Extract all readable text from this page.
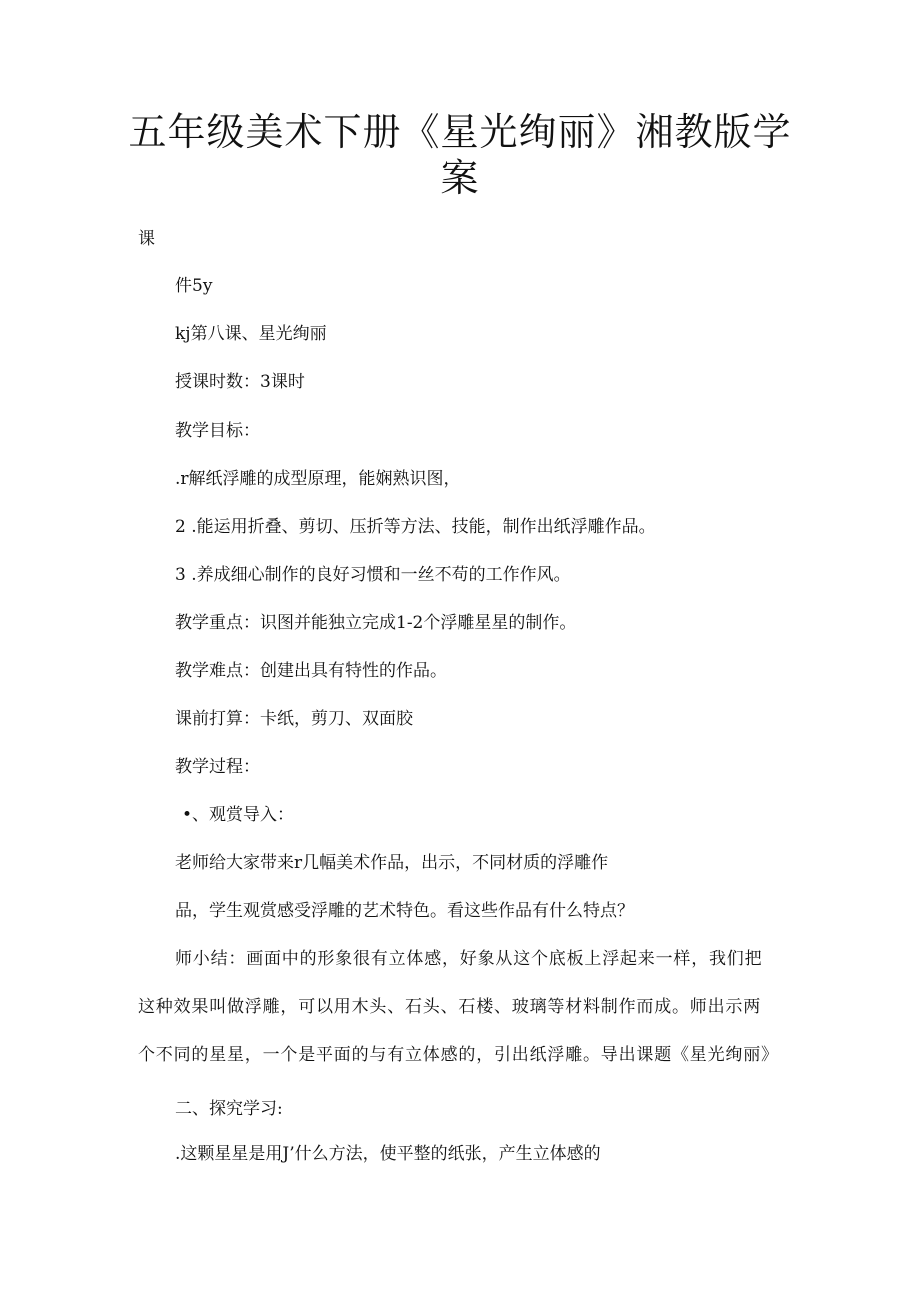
五年级美术下册《星光绚丽》湘教版学
案
课
件5y
kj第八课、星光绚丽
授课时数：3课时
教学目标：
.r解纸浮雕的成型原理，能娴熟识图，
2 .能运用折叠、剪切、压折等方法、技能，制作出纸浮雕作品。
3 .养成细心制作的良好习惯和一丝不苟的工作作风。
教学重点：识图并能独立完成1-2个浮雕星星的制作。
教学难点：创建出具有特性的作品。
课前打算：卡纸，剪刀、双面胶
教学过程：
•、观赏导入：
老师给大家带来r几幅美术作品，出示，不同材质的浮雕作
品，学生观赏感受浮雕的艺术特色。看这些作品有什么特点？
师小结：画面中的形象很有立体感，好象从这个底板上浮起来一样，我们把
这种效果叫做浮雕，可以用木头、石头、石楼、玻璃等材料制作而成。师出示两
个不同的星星，一个是平面的与有立体感的，引出纸浮雕。导出课题《星光绚丽》
二、探究学习:
.这颗星星是用J’什么方法，使平整的纸张，产生立体感的
